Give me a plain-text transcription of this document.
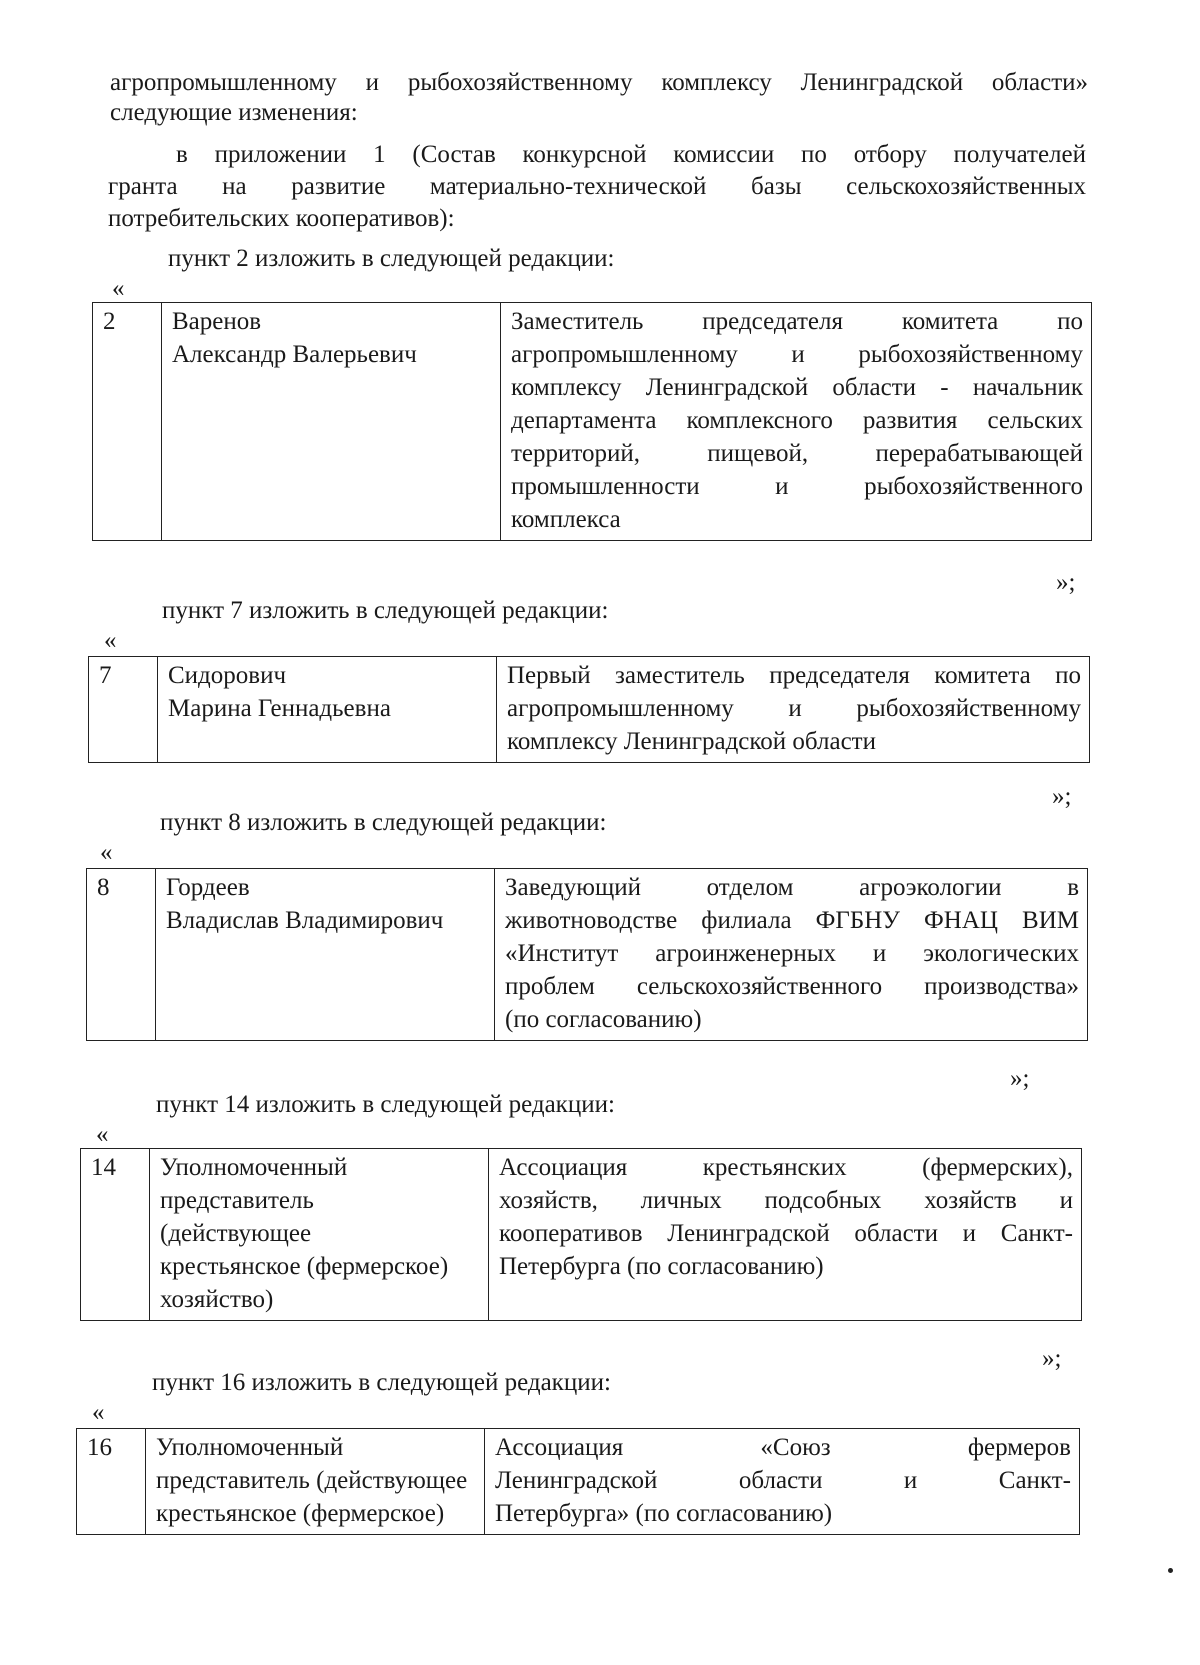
агропромышленному и рыбохозяйственному комплексу Ленинградской области»
следующие изменения:
в приложении 1 (Состав конкурсной комиссии по отбору получателей
гранта на развитие материально-технической базы сельскохозяйственных
потребительских кооперативов):
пункт 2 изложить в следующей редакции:
«
2	Варенов
Александр Валерьевич

Заместитель председателя комитета по
агропромышленному и рыбохозяйственному
комплексу Ленинградской области - начальник
департамента комплексного развития сельских
территорий, пищевой, перерабатывающей
промышленности и рыбохозяйственного
комплекса
»;
пункт 7 изложить в следующей редакции:
«
7	Сидорович
Марина Геннадьевна

Первый заместитель председателя комитета по
агропромышленному и рыбохозяйственному
комплексу Ленинградской области
»;
пункт 8 изложить в следующей редакции:
«
8	Гордеев
Владислав Владимирович

Заведующий отделом агроэкологии в
животноводстве филиала ФГБНУ ФНАЦ ВИМ
«Институт агроинженерных и экологических
проблем сельскохозяйственного производства»
(по согласованию)
»;
пункт 14 изложить в следующей редакции:
«
14	Уполномоченный
представитель
(действующее
крестьянское (фермерское)
хозяйство)

Ассоциация крестьянских (фермерских),
хозяйств, личных подсобных хозяйств и
кооперативов Ленинградской области и Санкт-
Петербурга (по согласованию)
»;
пункт 16 изложить в следующей редакции:
«
16	Уполномоченный
представитель (действующее
крестьянское (фермерское)

Ассоциация «Союз фермеров
Ленинградской области и Санкт-
Петербурга» (по согласованию)
